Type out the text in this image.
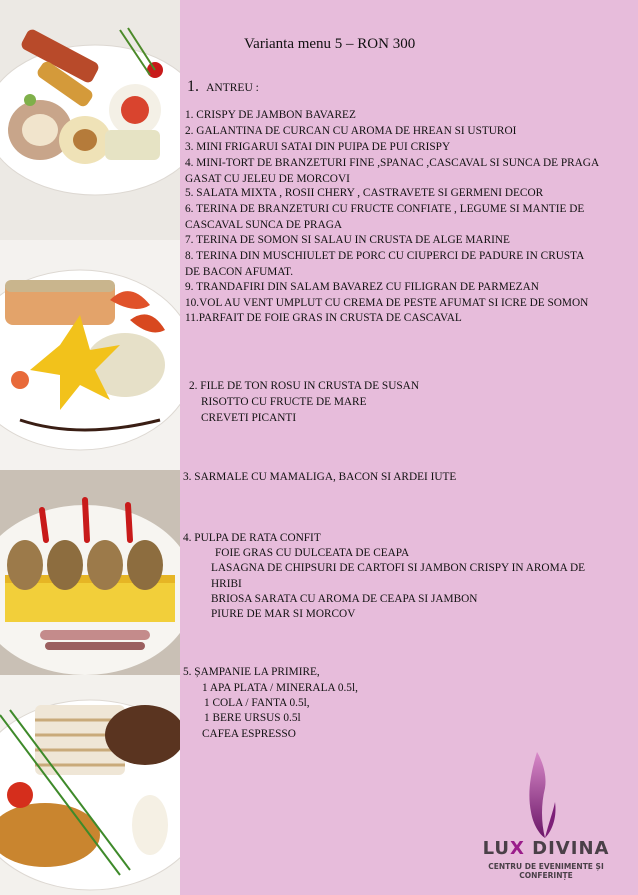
Varianta menu 5 – RON 300
1. ANTREU :
1. CRISPY DE JAMBON BAVAREZ
2. GALANTINA DE CURCAN CU AROMA DE HREAN SI USTUROI
3. MINI FRIGARUI SATAI DIN PUIPA DE PUI CRISPY
4. MINI-TORT DE BRANZETURI FINE ,SPANAC ,CASCAVAL SI SUNCA DE PRAGA
GASAT CU JELEU DE MORCOVI
5. SALATA MIXTA , ROSII CHERY , CASTRAVETE SI GERMENI DECOR
6. TERINA DE BRANZETURI CU FRUCTE CONFIATE , LEGUME SI MANTIE DE
CASCAVAL SUNCA DE PRAGA
7. TERINA DE SOMON SI SALAU IN CRUSTA DE ALGE MARINE
8. TERINA DIN MUSCHIULET DE PORC CU CIUPERCI DE PADURE IN CRUSTA
DE BACON AFUMAT.
9. TRANDAFIRI DIN SALAM BAVAREZ CU FILIGRAN DE PARMEZAN
10.VOL AU VENT UMPLUT CU CREMA DE PESTE AFUMAT SI ICRE DE SOMON
11.PARFAIT DE FOIE GRAS IN CRUSTA DE CASCAVAL
2. FILE DE TON ROSU IN CRUSTA DE SUSAN
RISOTTO CU FRUCTE DE MARE
CREVETI PICANTI
3. SARMALE CU MAMALIGA, BACON SI ARDEI IUTE
4. PULPA DE RATA CONFIT
FOIE GRAS CU DULCEATA DE CEAPA
LASAGNA DE CHIPSURI DE CARTOFI SI JAMBON CRISPY IN AROMA DE
HRIBI
BRIOSA SARATA CU AROMA DE CEAPA SI JAMBON
PIURE DE MAR SI MORCOV
5. ȘAMPANIE LA PRIMIRE,
1 APA PLATA / MINERALA 0.5l,
1 COLA / FANTA 0.5l,
1 BERE URSUS 0.5l
CAFEA ESPRESSO
LUX DIVINA
CENTRU DE EVENIMENTE ȘI CONFERINȚE
